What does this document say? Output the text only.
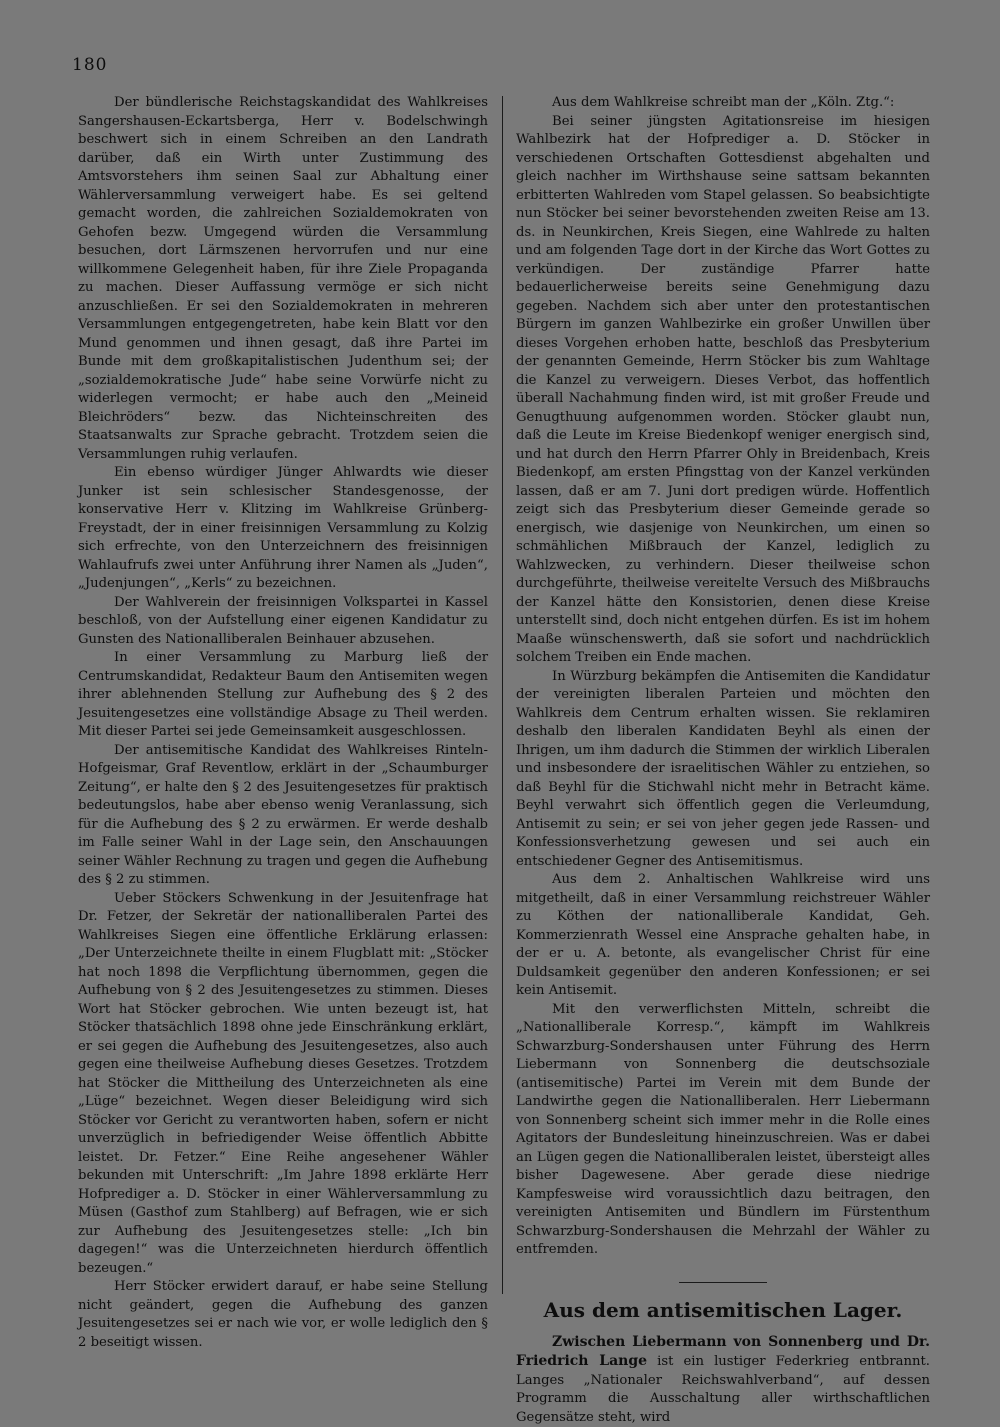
180

Der bündlerische Reichstagskandidat des Wahlkreises Sangershausen-Eckartsberga, Herr v. Bodelschwingh beschwert sich in einem Schreiben an den Landrath darüber, daß ein Wirth unter Zustimmung des Amtsvorstehers ihm seinen Saal zur Abhaltung einer Wählerversammlung verweigert habe. Es sei geltend gemacht worden, die zahlreichen Sozialdemokraten von Gehofen bezw. Umgegend würden die Versammlung besuchen, dort Lärmszenen hervorrufen und nur eine willkommene Gelegenheit haben, für ihre Ziele Propaganda zu machen. Dieser Auffassung vermöge er sich nicht anzuschließen. Er sei den Sozialdemokraten in mehreren Versammlungen entgegengetreten, habe kein Blatt vor den Mund genommen und ihnen gesagt, daß ihre Partei im Bunde mit dem großkapitalistischen Judenthum sei; der „sozialdemokratische Jude“ habe seine Vorwürfe nicht zu widerlegen vermocht; er habe auch den „Meineid Bleichröders“ bezw. das Nichteinschreiten des Staatsanwalts zur Sprache gebracht. Trotzdem seien die Versammlungen ruhig verlaufen.

Ein ebenso würdiger Jünger Ahlwardts wie dieser Junker ist sein schlesischer Standesgenosse, der konservative Herr v. Klitzing im Wahlkreise Grünberg-Freystadt, der in einer freisinnigen Versammlung zu Kolzig sich erfrechte, von den Unterzeichnern des freisinnigen Wahlaufrufs zwei unter Anführung ihrer Namen als „Juden“, „Judenjungen“, „Kerls“ zu bezeichnen.

Der Wahlverein der freisinnigen Volkspartei in Kassel beschloß, von der Aufstellung einer eigenen Kandidatur zu Gunsten des Nationalliberalen Beinhauer abzusehen.

In einer Versammlung zu Marburg ließ der Centrumskandidat, Redakteur Baum den Antisemiten wegen ihrer ablehnenden Stellung zur Aufhebung des § 2 des Jesuitengesetzes eine vollständige Absage zu Theil werden. Mit dieser Partei sei jede Gemeinsamkeit ausgeschlossen.

Der antisemitische Kandidat des Wahlkreises Rinteln-Hofgeismar, Graf Reventlow, erklärt in der „Schaumburger Zeitung“, er halte den § 2 des Jesuitengesetzes für praktisch bedeutungslos, habe aber ebenso wenig Veranlassung, sich für die Aufhebung des § 2 zu erwärmen. Er werde deshalb im Falle seiner Wahl in der Lage sein, den Anschauungen seiner Wähler Rechnung zu tragen und gegen die Aufhebung des § 2 zu stimmen.

Ueber Stöckers Schwenkung in der Jesuitenfrage hat Dr. Fetzer, der Sekretär der nationalliberalen Partei des Wahlkreises Siegen eine öffentliche Erklärung erlassen: „Der Unterzeichnete theilte in einem Flugblatt mit: „Stöcker hat noch 1898 die Verpflichtung übernommen, gegen die Aufhebung von § 2 des Jesuitengesetzes zu stimmen. Dieses Wort hat Stöcker gebrochen. Wie unten bezeugt ist, hat Stöcker thatsächlich 1898 ohne jede Einschränkung erklärt, er sei gegen die Aufhebung des Jesuitengesetzes, also auch gegen eine theilweise Aufhebung dieses Gesetzes. Trotzdem hat Stöcker die Mittheilung des Unterzeichneten als eine „Lüge“ bezeichnet. Wegen dieser Beleidigung wird sich Stöcker vor Gericht zu verantworten haben, sofern er nicht unverzüglich in befriedigender Weise öffentlich Abbitte leistet. Dr. Fetzer.“ Eine Reihe angesehener Wähler bekunden mit Unterschrift: „Im Jahre 1898 erklärte Herr Hofprediger a. D. Stöcker in einer Wählerversammlung zu Müsen (Gasthof zum Stahlberg) auf Befragen, wie er sich zur Aufhebung des Jesuitengesetzes stelle: „Ich bin dagegen!“ was die Unterzeichneten hierdurch öffentlich bezeugen.“

Herr Stöcker erwidert darauf, er habe seine Stellung nicht geändert, gegen die Aufhebung des ganzen Jesuitengesetzes sei er nach wie vor, er wolle lediglich den § 2 beseitigt wissen.

Aus dem Wahlkreise schreibt man der „Köln. Ztg.“:

Bei seiner jüngsten Agitationsreise im hiesigen Wahlbezirk hat der Hofprediger a. D. Stöcker in verschiedenen Ortschaften Gottesdienst abgehalten und gleich nachher im Wirthshause seine sattsam bekannten erbitterten Wahlreden vom Stapel gelassen. So beabsichtigte nun Stöcker bei seiner bevorstehenden zweiten Reise am 13. ds. in Neunkirchen, Kreis Siegen, eine Wahlrede zu halten und am folgenden Tage dort in der Kirche das Wort Gottes zu verkündigen. Der zuständige Pfarrer hatte bedauerlicherweise bereits seine Genehmigung dazu gegeben. Nachdem sich aber unter den protestantischen Bürgern im ganzen Wahlbezirke ein großer Unwillen über dieses Vorgehen erhoben hatte, beschloß das Presbyterium der genannten Gemeinde, Herrn Stöcker bis zum Wahltage die Kanzel zu verweigern. Dieses Verbot, das hoffentlich überall Nachahmung finden wird, ist mit großer Freude und Genugthuung aufgenommen worden. Stöcker glaubt nun, daß die Leute im Kreise Biedenkopf weniger energisch sind, und hat durch den Herrn Pfarrer Ohly in Breidenbach, Kreis Biedenkopf, am ersten Pfingsttag von der Kanzel verkünden lassen, daß er am 7. Juni dort predigen würde. Hoffentlich zeigt sich das Presbyterium dieser Gemeinde gerade so energisch, wie dasjenige von Neunkirchen, um einen so schmählichen Mißbrauch der Kanzel, lediglich zu Wahlzwecken, zu verhindern. Dieser theilweise schon durchgeführte, theilweise vereitelte Versuch des Mißbrauchs der Kanzel hätte den Konsistorien, denen diese Kreise unterstellt sind, doch nicht entgehen dürfen. Es ist im hohem Maaße wünschenswerth, daß sie sofort und nachdrücklich solchem Treiben ein Ende machen.

In Würzburg bekämpfen die Antisemiten die Kandidatur der vereinigten liberalen Parteien und möchten den Wahlkreis dem Centrum erhalten wissen. Sie reklamiren deshalb den liberalen Kandidaten Beyhl als einen der Ihrigen, um ihm dadurch die Stimmen der wirklich Liberalen und insbesondere der israelitischen Wähler zu entziehen, so daß Beyhl für die Stichwahl nicht mehr in Betracht käme. Beyhl verwahrt sich öffentlich gegen die Verleumdung, Antisemit zu sein; er sei von jeher gegen jede Rassen- und Konfessionsverhetzung gewesen und sei auch ein entschiedener Gegner des Antisemitismus.

Aus dem 2. Anhaltischen Wahlkreise wird uns mitgetheilt, daß in einer Versammlung reichstreuer Wähler zu Köthen der nationalliberale Kandidat, Geh. Kommerzienrath Wessel eine Ansprache gehalten habe, in der er u. A. betonte, als evangelischer Christ für eine Duldsamkeit gegenüber den anderen Konfessionen; er sei kein Antisemit.

Mit den verwerflichsten Mitteln, schreibt die „Nationalliberale Korresp.“, kämpft im Wahlkreis Schwarzburg-Sondershausen unter Führung des Herrn Liebermann von Sonnenberg die deutschsoziale (antisemitische) Partei im Verein mit dem Bunde der Landwirthe gegen die Nationalliberalen. Herr Liebermann von Sonnenberg scheint sich immer mehr in die Rolle eines Agitators der Bundesleitung hineinzuschreien. Was er dabei an Lügen gegen die Nationalliberalen leistet, übersteigt alles bisher Dagewesene. Aber gerade diese niedrige Kampfesweise wird voraussichtlich dazu beitragen, den vereinigten Antisemiten und Bündlern im Fürstenthum Schwarzburg-Sondershausen die Mehrzahl der Wähler zu entfremden.

Aus dem antisemitischen Lager.

Zwischen Liebermann von Sonnenberg und Dr. Friedrich Lange ist ein lustiger Federkrieg entbrannt. Langes „Nationaler Reichswahlverband“, auf dessen Programm die Ausschaltung aller wirthschaftlichen Gegensätze steht, wird
